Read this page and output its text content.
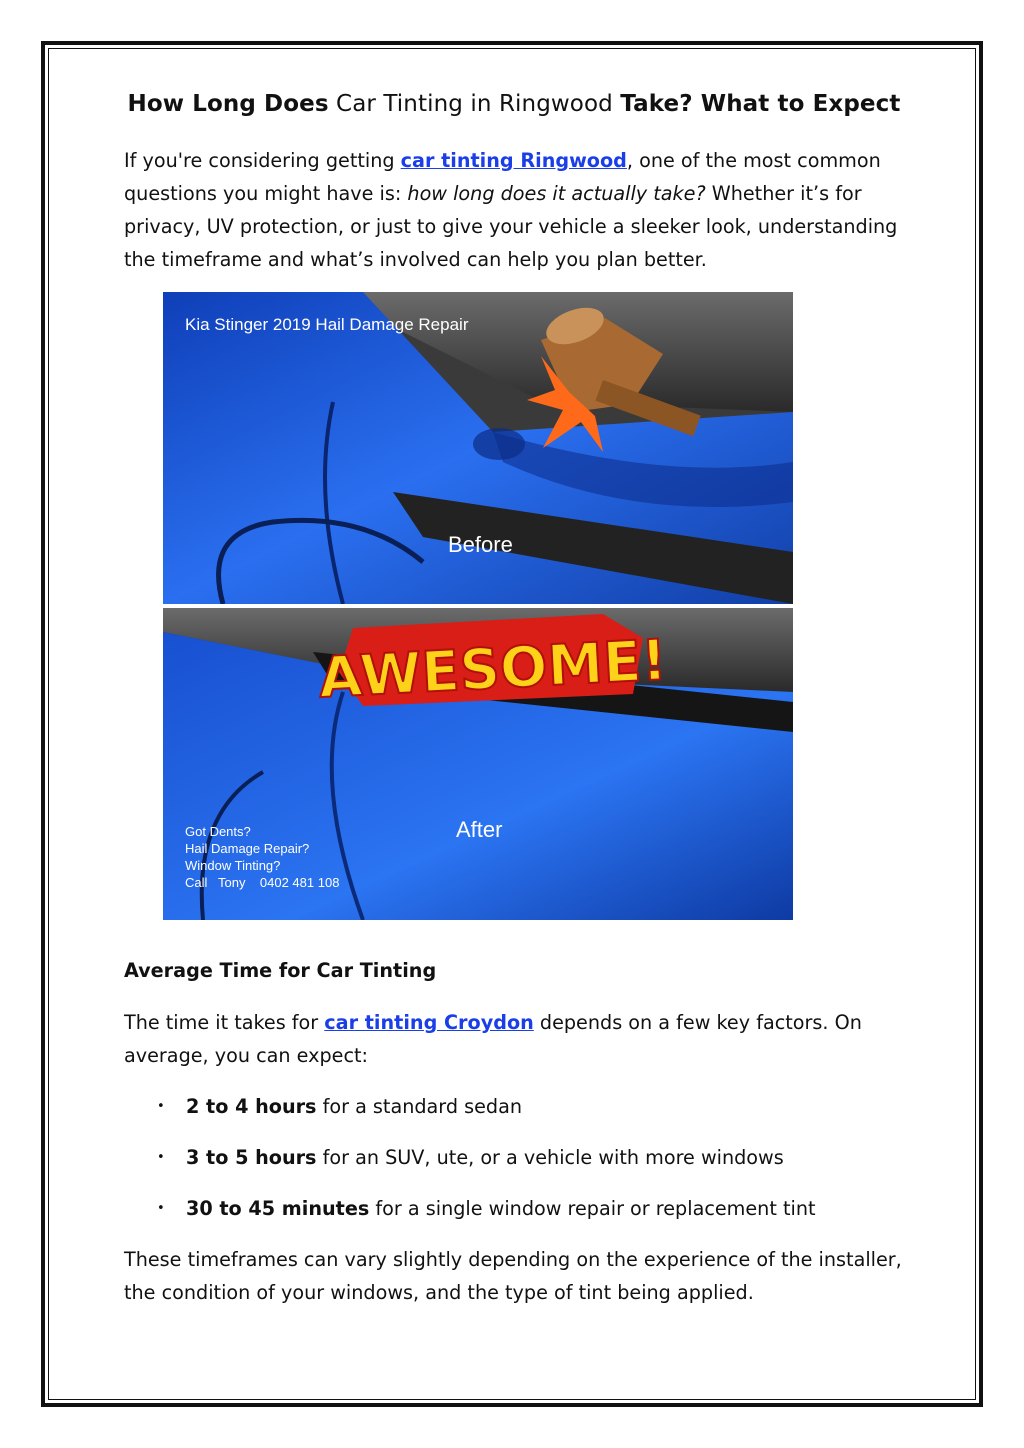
How Long Does Car Tinting in Ringwood Take? What to Expect

If you're considering getting car tinting Ringwood, one of the most common questions you might have is: how long does it actually take? Whether it’s for privacy, UV protection, or just to give your vehicle a sleeker look, understanding the timeframe and what’s involved can help you plan better.

AWESOME!
Kia Stinger 2019 Hail Damage Repair
Before
After
Got Dents?
Hail Damage Repair?
Window Tinting?
Call   Tony    0402 481 108
Average Time for Car Tinting

The time it takes for car tinting Croydon depends on a few key factors. On average, you can expect:

• 2 to 4 hours for a standard sedan
• 3 to 5 hours for an SUV, ute, or a vehicle with more windows
• 30 to 45 minutes for a single window repair or replacement tint

These timeframes can vary slightly depending on the experience of the installer, the condition of your windows, and the type of tint being applied.
